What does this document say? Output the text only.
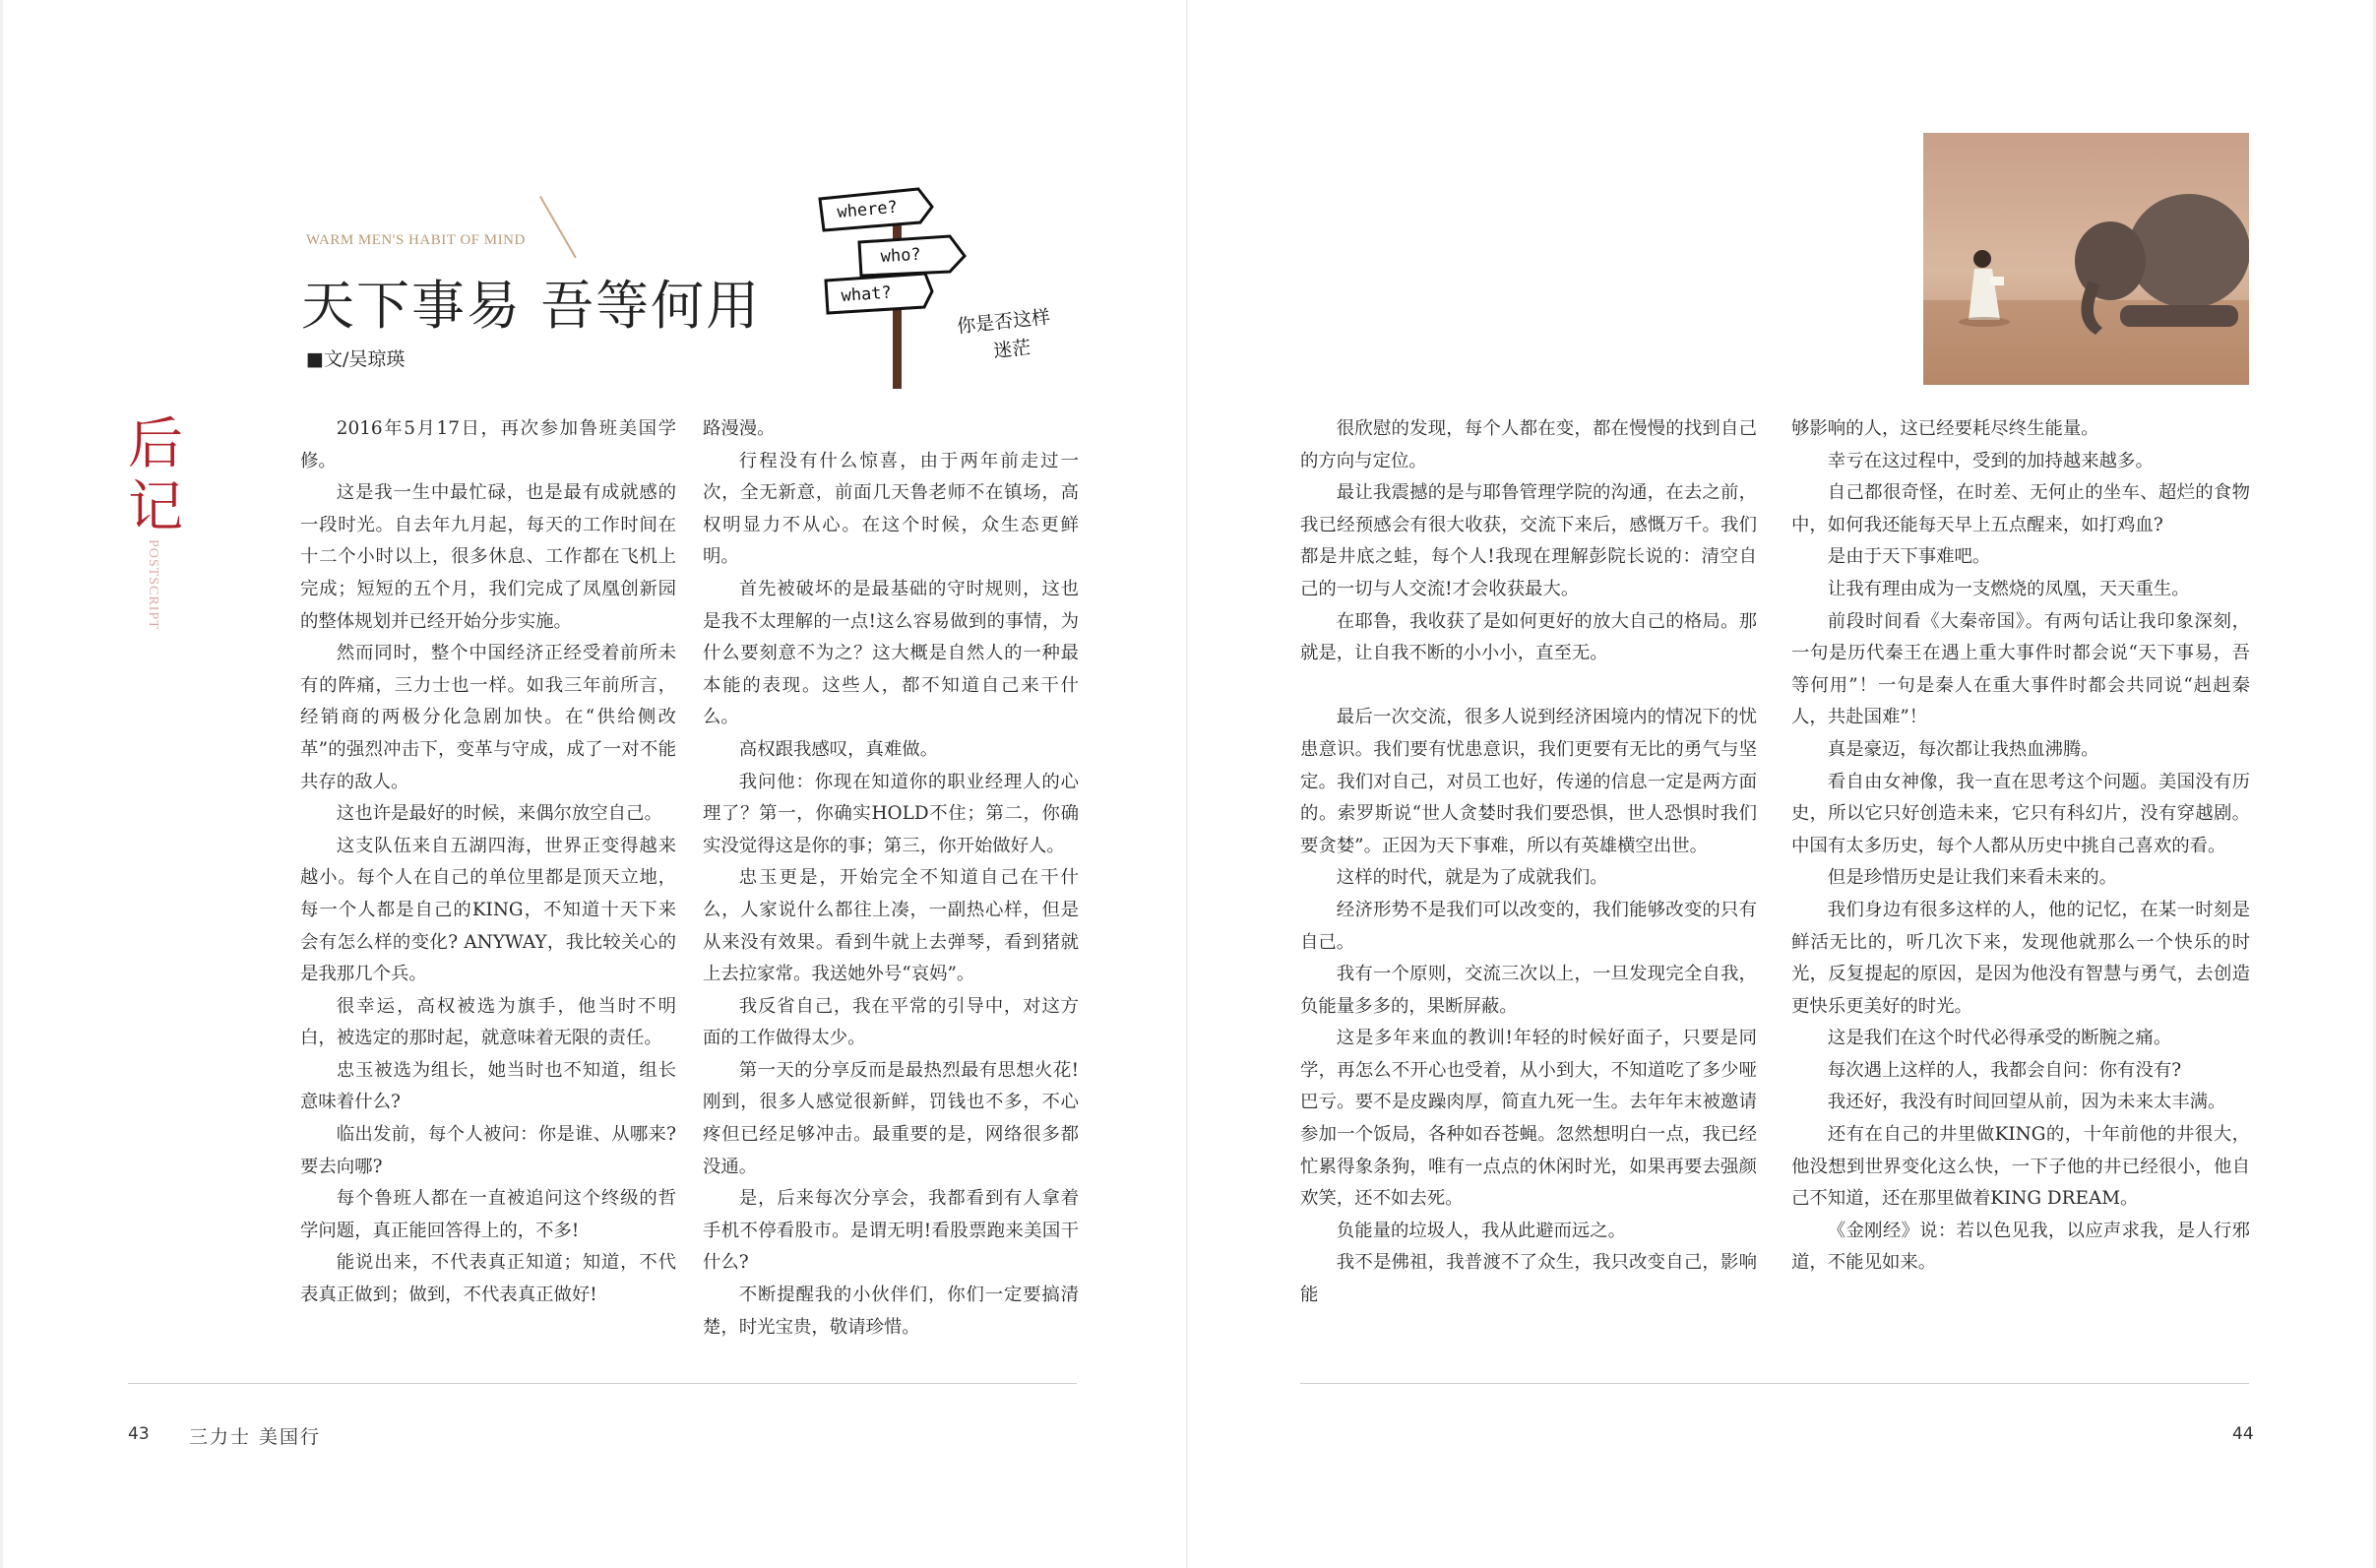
WARM MEN'S HABIT OF MIND
天下事易 吾等何用
■文/吴琼瑛
后记
POSTSCRIPT
where?
who?
what?
你是否这样
迷茫

2016年5月17日，再次参加鲁班美国学修。

这是我一生中最忙碌，也是最有成就感的一段时光。自去年九月起，每天的工作时间在十二个小时以上，很多休息、工作都在飞机上完成；短短的五个月，我们完成了凤凰创新园的整体规划并已经开始分步实施。

然而同时，整个中国经济正经受着前所未有的阵痛，三力士也一样。如我三年前所言，经销商的两极分化急剧加快。在“供给侧改革”的强烈冲击下，变革与守成，成了一对不能共存的敌人。

这也许是最好的时候，来偶尔放空自己。

这支队伍来自五湖四海，世界正变得越来越小。每个人在自己的单位里都是顶天立地，每一个人都是自己的KING，不知道十天下来会有怎么样的变化? ANYWAY，我比较关心的是我那几个兵。

很幸运，高权被选为旗手，他当时不明白，被选定的那时起，就意味着无限的责任。

忠玉被选为组长，她当时也不知道，组长意味着什么?

临出发前，每个人被问：你是谁、从哪来?要去向哪?

每个鲁班人都在一直被追问这个终级的哲学问题，真正能回答得上的，不多!

能说出来，不代表真正知道；知道，不代表真正做到；做到，不代表真正做好!

路漫漫。

行程没有什么惊喜，由于两年前走过一次，全无新意，前面几天鲁老师不在镇场，高权明显力不从心。在这个时候，众生态更鲜明。

首先被破坏的是最基础的守时规则，这也是我不太理解的一点!这么容易做到的事情，为什么要刻意不为之？这大概是自然人的一种最本能的表现。这些人，都不知道自己来干什么。

高权跟我感叹，真难做。

我问他：你现在知道你的职业经理人的心理了？第一，你确实HOLD不住；第二，你确实没觉得这是你的事；第三，你开始做好人。

忠玉更是，开始完全不知道自己在干什么，人家说什么都往上凑，一副热心样，但是从来没有效果。看到牛就上去弹琴，看到猪就上去拉家常。我送她外号“哀妈”。

我反省自己，我在平常的引导中，对这方面的工作做得太少。

第一天的分享反而是最热烈最有思想火花!刚到，很多人感觉很新鲜，罚钱也不多，不心疼但已经足够冲击。最重要的是，网络很多都没通。

是，后来每次分享会，我都看到有人拿着手机不停看股市。是谓无明!看股票跑来美国干什么?

不断提醒我的小伙伴们，你们一定要搞清楚，时光宝贵，敬请珍惜。

43 三力士 美国行

很欣慰的发现，每个人都在变，都在慢慢的找到自己的方向与定位。

最让我震撼的是与耶鲁管理学院的沟通，在去之前，我已经预感会有很大收获，交流下来后，感慨万千。我们都是井底之蛙，每个人!我现在理解彭院长说的：清空自己的一切与人交流!才会收获最大。

在耶鲁，我收获了是如何更好的放大自己的格局。那就是，让自我不断的小小小，直至无。

最后一次交流，很多人说到经济困境内的情况下的忧患意识。我们要有忧患意识，我们更要有无比的勇气与坚定。我们对自己，对员工也好，传递的信息一定是两方面的。索罗斯说“世人贪婪时我们要恐惧，世人恐惧时我们要贪婪”。正因为天下事难，所以有英雄横空出世。

这样的时代，就是为了成就我们。

经济形势不是我们可以改变的，我们能够改变的只有自己。

我有一个原则，交流三次以上，一旦发现完全自我，负能量多多的，果断屏蔽。

这是多年来血的教训!年轻的时候好面子，只要是同学，再怎么不开心也受着，从小到大，不知道吃了多少哑巴亏。要不是皮躁肉厚，简直九死一生。去年年末被邀请参加一个饭局，各种如吞苍蝇。忽然想明白一点，我已经忙累得象条狗，唯有一点点的休闲时光，如果再要去强颜欢笑，还不如去死。

负能量的垃圾人，我从此避而远之。

我不是佛祖，我普渡不了众生，我只改变自己，影响能

够影响的人，这已经要耗尽终生能量。

幸亏在这过程中，受到的加持越来越多。

自己都很奇怪，在时差、无何止的坐车、超烂的食物中，如何我还能每天早上五点醒来，如打鸡血?

是由于天下事难吧。

让我有理由成为一支燃烧的凤凰，天天重生。

前段时间看《大秦帝国》。有两句话让我印象深刻，一句是历代秦王在遇上重大事件时都会说“天下事易，吾等何用”！一句是秦人在重大事件时都会共同说“赳赳秦人，共赴国难”！

真是豪迈，每次都让我热血沸腾。

看自由女神像，我一直在思考这个问题。美国没有历史，所以它只好创造未来，它只有科幻片，没有穿越剧。中国有太多历史，每个人都从历史中挑自己喜欢的看。

但是珍惜历史是让我们来看未来的。

我们身边有很多这样的人，他的记忆，在某一时刻是鲜活无比的，听几次下来，发现他就那么一个快乐的时光，反复提起的原因，是因为他没有智慧与勇气，去创造更快乐更美好的时光。

这是我们在这个时代必得承受的断腕之痛。

每次遇上这样的人，我都会自问：你有没有?

我还好，我没有时间回望从前，因为未来太丰满。

还有在自己的井里做KING的，十年前他的井很大，他没想到世界变化这么快，一下子他的井已经很小，他自己不知道，还在那里做着KING DREAM。

《金刚经》说：若以色见我，以应声求我，是人行邪道，不能见如来。

44
